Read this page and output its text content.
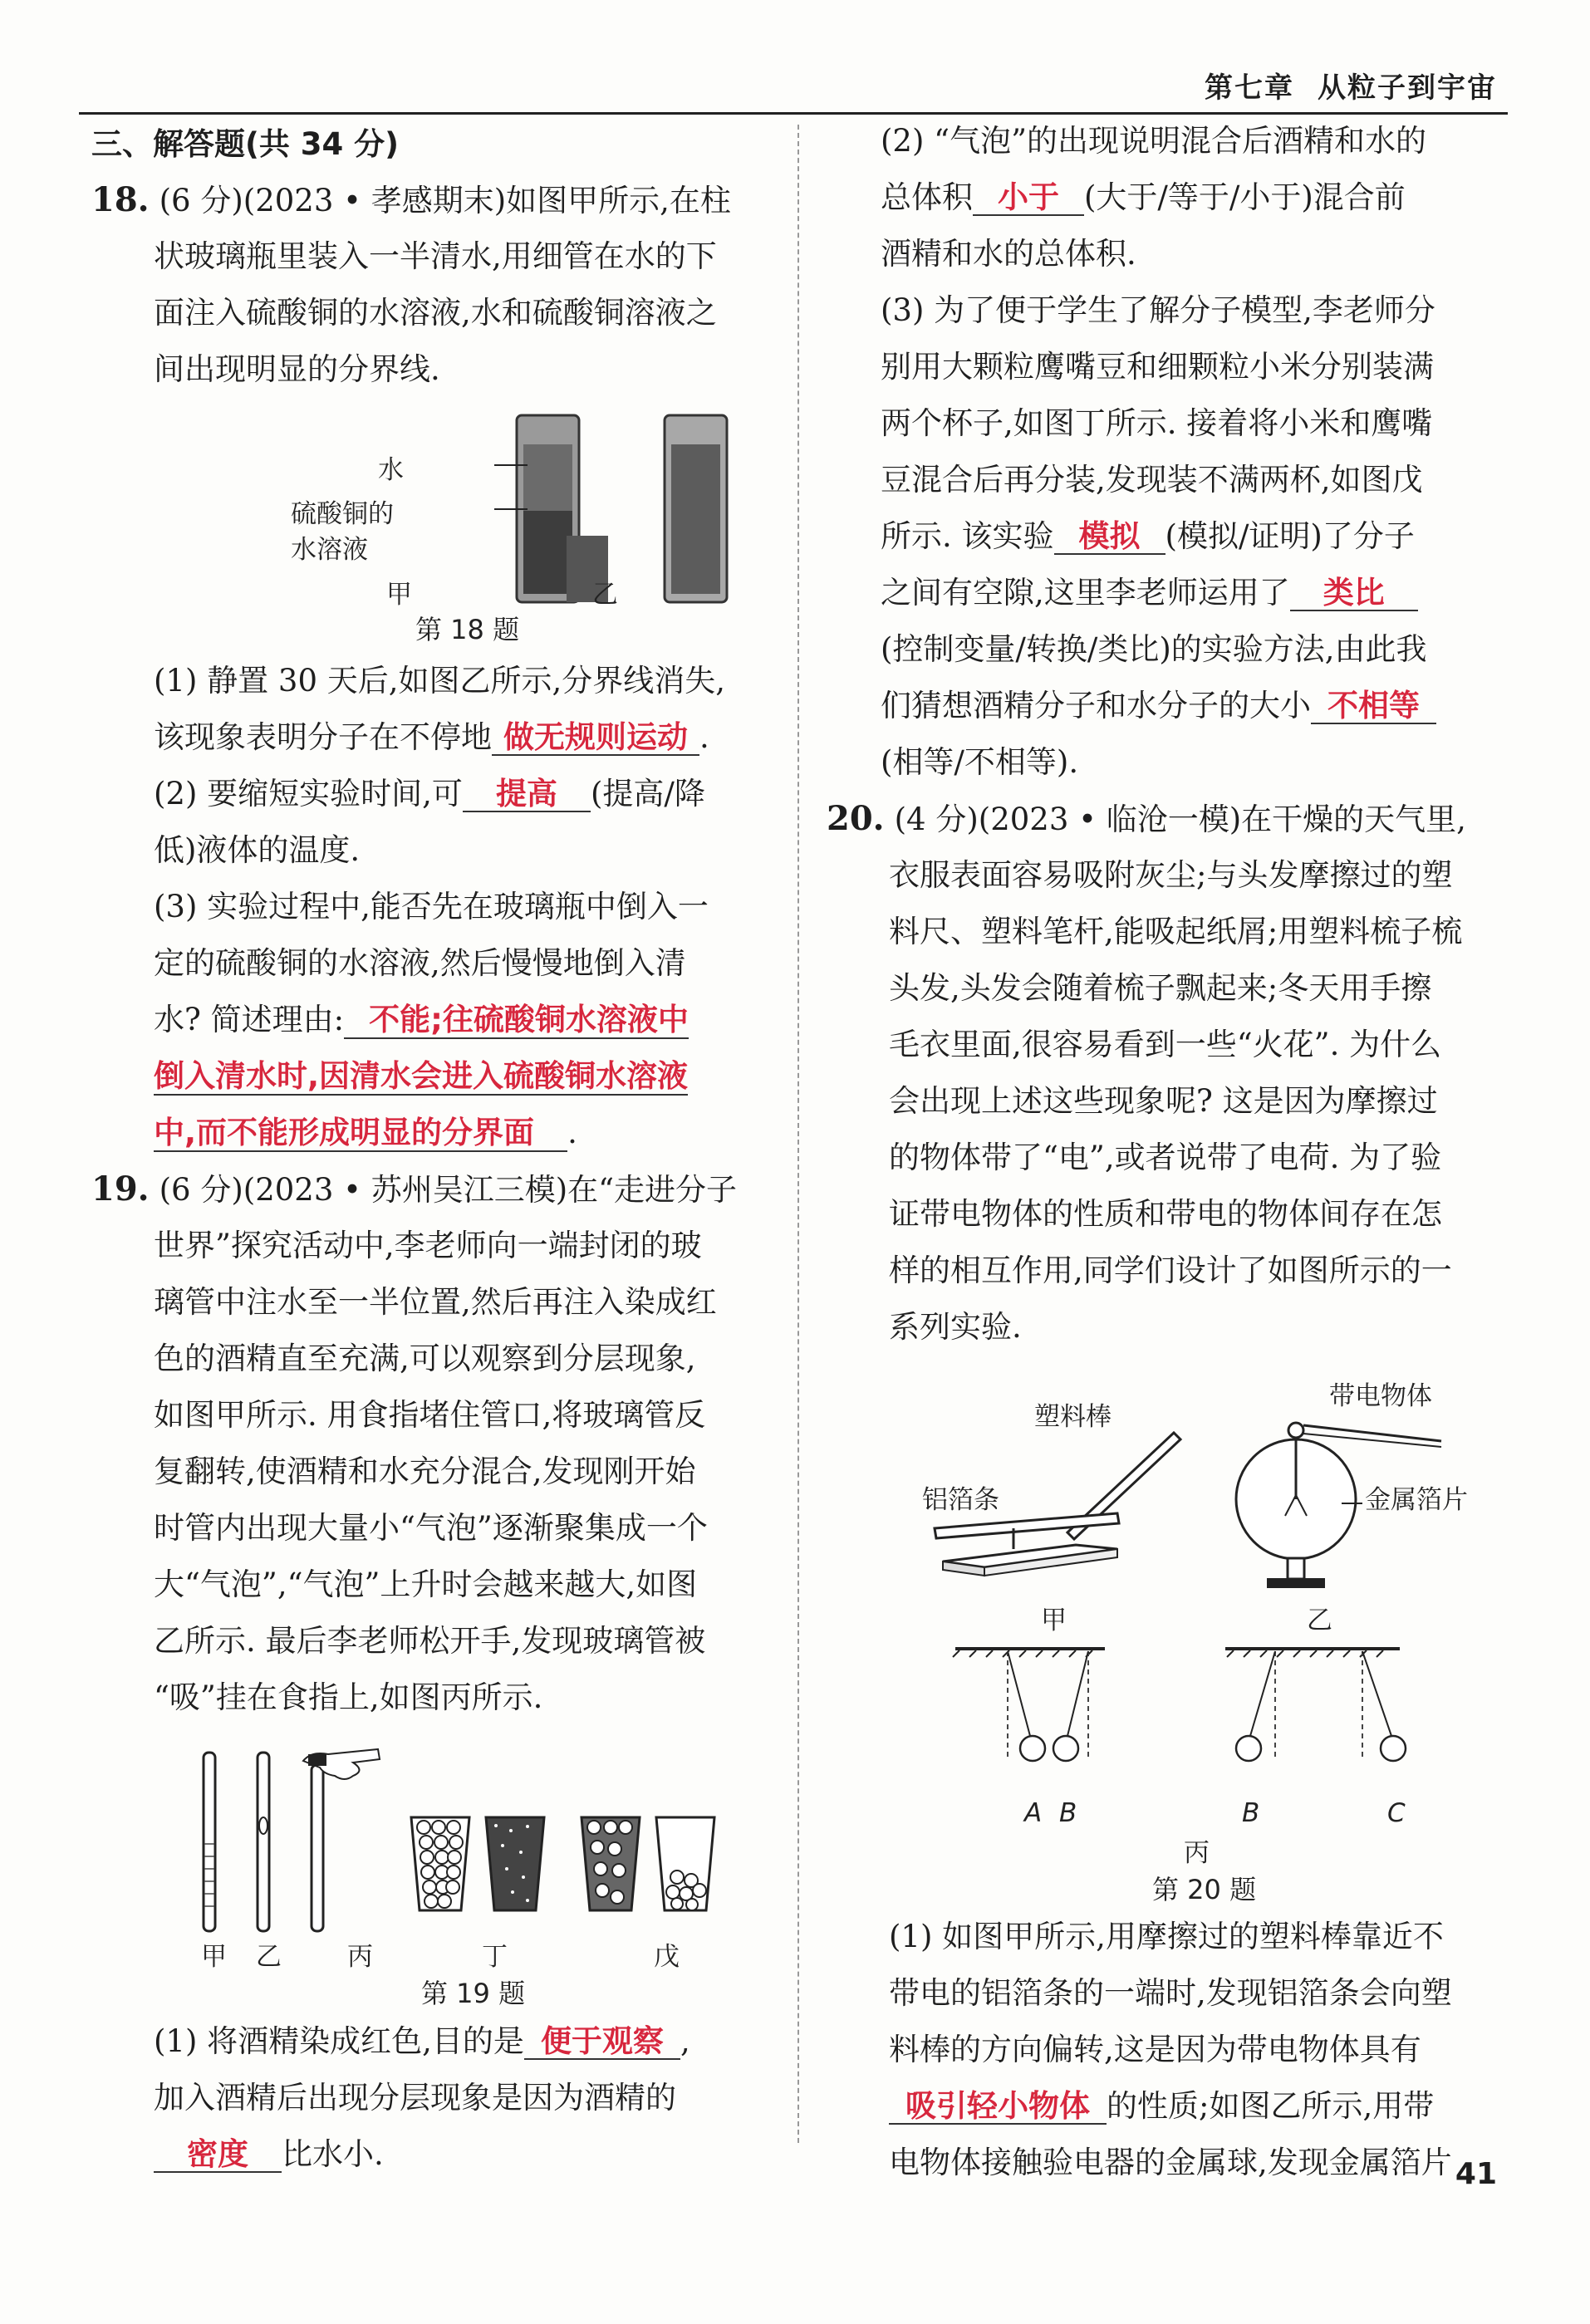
第七章 从粒子到宇宙
三、解答题(共 34 分)
18. (6 分)(2023 • 孝感期末)如图甲所示,在柱
状玻璃瓶里装入一半清水,用细管在水的下
面注入硫酸铜的水溶液,水和硫酸铜溶液之
间出现明显的分界线.
水
硫酸铜的
水溶液
甲	乙
第 18 题
(1) 静置 30 天后,如图乙所示,分界线消失,
该现象表明分子在不停地 做无规则运动 .
(2) 要缩短实验时间,可 提高 (提高/降
低)液体的温度.
(3) 实验过程中,能否先在玻璃瓶中倒入一
定的硫酸铜的水溶液,然后慢慢地倒入清
水? 简述理由: 不能;往硫酸铜水溶液中
倒入清水时,因清水会进入硫酸铜水溶液
中,而不能形成明显的分界面 .
19. (6 分)(2023 • 苏州吴江三模)在“走进分子
世界”探究活动中,李老师向一端封闭的玻
璃管中注水至一半位置,然后再注入染成红
色的酒精直至充满,可以观察到分层现象,
如图甲所示. 用食指堵住管口,将玻璃管反
复翻转,使酒精和水充分混合,发现刚开始
时管内出现大量小“气泡”逐渐聚集成一个
大“气泡”,“气泡”上升时会越来越大,如图
乙所示. 最后李老师松开手,发现玻璃管被
“吸”挂在食指上,如图丙所示.
甲 乙	丙	丁	戊
第 19 题
(1) 将酒精染成红色,目的是 便于观察 ,
加入酒精后出现分层现象是因为酒精的
密度 比水小.
(2) “气泡”的出现说明混合后酒精和水的
总体积 小于 (大于/等于/小于)混合前
酒精和水的总体积.
(3) 为了便于学生了解分子模型,李老师分
别用大颗粒鹰嘴豆和细颗粒小米分别装满
两个杯子,如图丁所示. 接着将小米和鹰嘴
豆混合后再分装,发现装不满两杯,如图戊
所示. 该实验 模拟 (模拟/证明)了分子
之间有空隙,这里李老师运用了 类比
(控制变量/转换/类比)的实验方法,由此我
们猜想酒精分子和水分子的大小 不相等
(相等/不相等).
20. (4 分)(2023 • 临沧一模)在干燥的天气里,
衣服表面容易吸附灰尘;与头发摩擦过的塑
料尺、塑料笔杆,能吸起纸屑;用塑料梳子梳
头发,头发会随着梳子飘起来;冬天用手擦
毛衣里面,很容易看到一些“火花”. 为什么
会出现上述这些现象呢? 这是因为摩擦过
的物体带了“电”,或者说带了电荷. 为了验
证带电物体的性质和带电的物体间存在怎
样的相互作用,同学们设计了如图所示的一
系列实验.
塑料棒
铝箔条
带电物体
金属箔片
甲	乙
A B	B	C
丙
第 20 题
(1) 如图甲所示,用摩擦过的塑料棒靠近不
带电的铝箔条的一端时,发现铝箔条会向塑
料棒的方向偏转,这是因为带电物体具有
吸引轻小物体 的性质;如图乙所示,用带
电物体接触验电器的金属球,发现金属箔片 41
